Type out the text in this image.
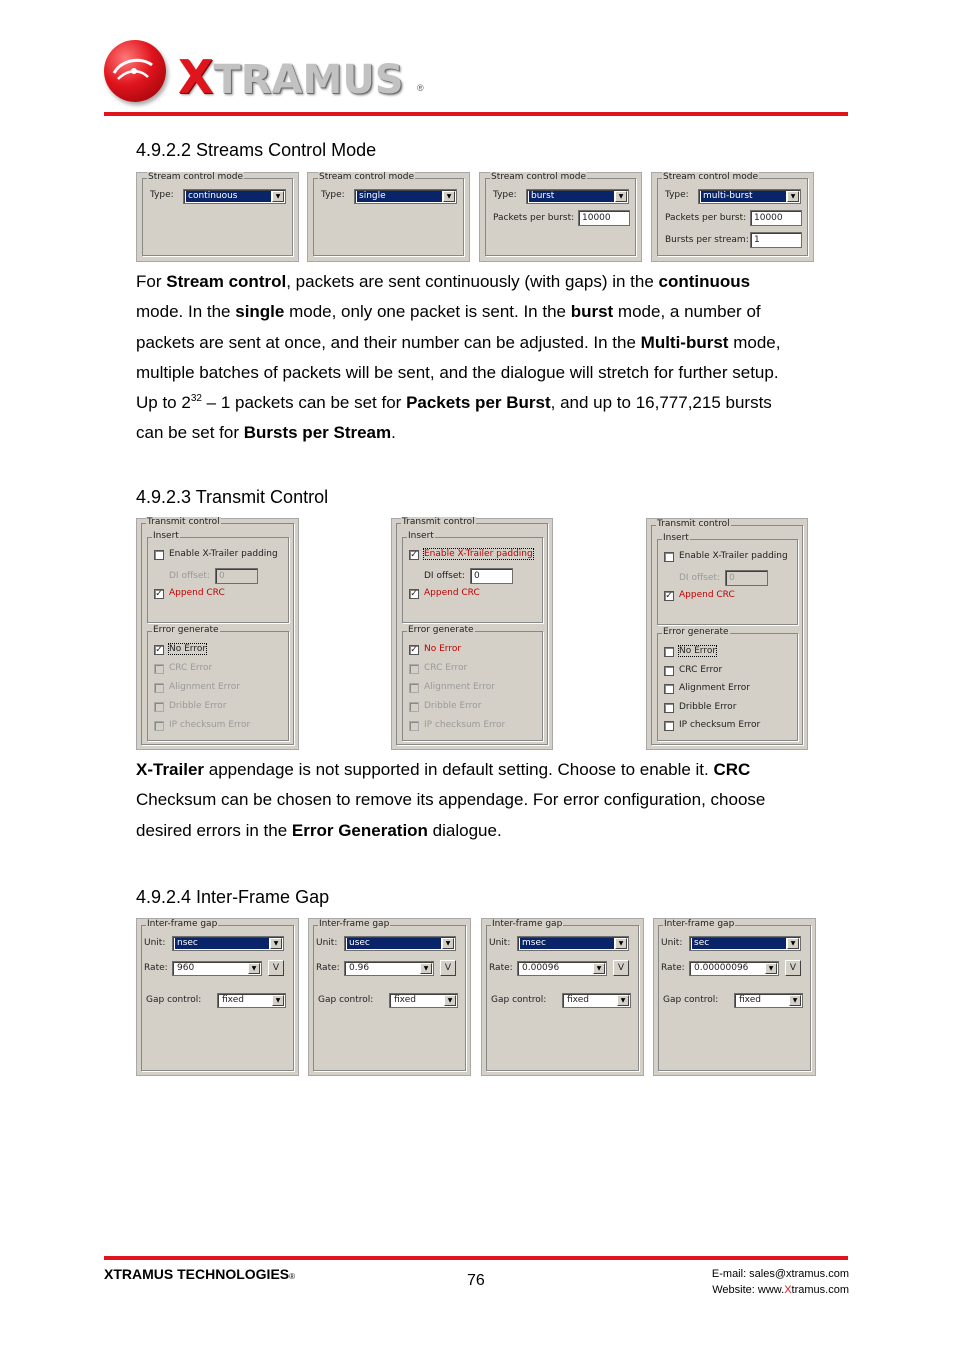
XTRAMUS ®
4.9.2.2 Streams Control Mode
Stream control mode
Type: continuous	▼
Stream control mode
Type: single	▼
Stream control mode
Type: burst	▼
Packets per burst: 10000
Stream control mode
Type: multi-burst	▼
Packets per burst: 10000
Bursts per stream: 1
For Stream control, packets are sent continuously (with gaps) in the continuous
mode. In the single mode, only one packet is sent. In the burst mode, a number of
packets are sent at once, and their number can be adjusted. In the Multi-burst mode,
multiple batches of packets will be sent, and the dialogue will stretch for further setup.
Up to $2^{32} - 1$ packets can be set for Packets per Burst, and up to 16,777,215 bursts
can be set for Bursts per Stream.
4.9.2.3 Transmit Control
Transmit control
Insert
Enable X-Trailer padding
DI offset:	0
✓ Append CRC
Error generate
✓ No Error
CRC Error
Alignment Error
Dribble Error
IP checksum Error
Transmit control
Insert
✓ Enable X-Trailer padding
DI offset:	0
✓ Append CRC
Error generate
✓ No Error
CRC Error
Alignment Error
Dribble Error
IP checksum Error
Transmit control
Insert
Enable X-Trailer padding
DI offset:	0
✓ Append CRC
Error generate
No Error
CRC Error
Alignment Error
Dribble Error
IP checksum Error
X-Trailer appendage is not supported in default setting. Choose to enable it. CRC
Checksum can be chosen to remove its appendage. For error configuration, choose
desired errors in the Error Generation dialogue.
4.9.2.4 Inter-Frame Gap
Inter-frame gap
Unit: nsec	▼
Rate: 960	▼	V
Gap control: fixed	▼
Inter-frame gap
Unit: usec	▼
Rate: 0.96	▼	V
Gap control: fixed	▼
Inter-frame gap
Unit: msec	▼
Rate: 0.00096	▼	V
Gap control: fixed	▼
Inter-frame gap
Unit: sec	▼
Rate: 0.00000096	▼	V
Gap control: fixed	▼
XTRAMUS TECHNOLOGIES®	76	E-mail: sales@xtramus.com
Website: www.Xtramus.com
